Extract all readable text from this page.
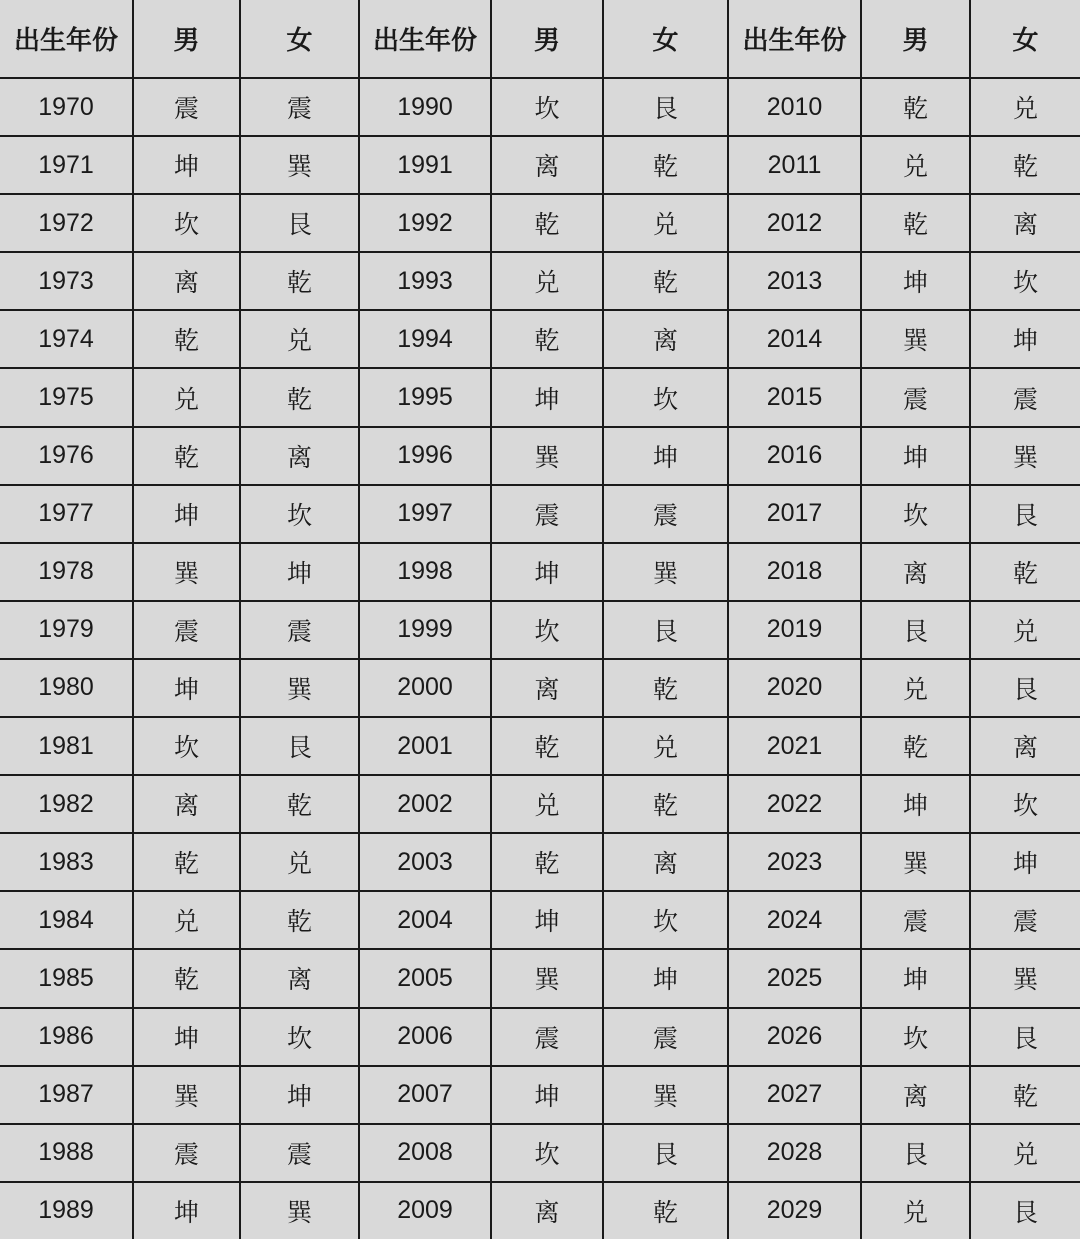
出生年份	男	女	出生年份	男	女	出生年份	男	女
1970	震	震	1990	坎	艮	2010	乾	兑
1971	坤	巽	1991	离	乾	2011	兑	乾
1972	坎	艮	1992	乾	兑	2012	乾	离
1973	离	乾	1993	兑	乾	2013	坤	坎
1974	乾	兑	1994	乾	离	2014	巽	坤
1975	兑	乾	1995	坤	坎	2015	震	震
1976	乾	离	1996	巽	坤	2016	坤	巽
1977	坤	坎	1997	震	震	2017	坎	艮
1978	巽	坤	1998	坤	巽	2018	离	乾
1979	震	震	1999	坎	艮	2019	艮	兑
1980	坤	巽	2000	离	乾	2020	兑	艮
1981	坎	艮	2001	乾	兑	2021	乾	离
1982	离	乾	2002	兑	乾	2022	坤	坎
1983	乾	兑	2003	乾	离	2023	巽	坤
1984	兑	乾	2004	坤	坎	2024	震	震
1985	乾	离	2005	巽	坤	2025	坤	巽
1986	坤	坎	2006	震	震	2026	坎	艮
1987	巽	坤	2007	坤	巽	2027	离	乾
1988	震	震	2008	坎	艮	2028	艮	兑
1989	坤	巽	2009	离	乾	2029	兑	艮
